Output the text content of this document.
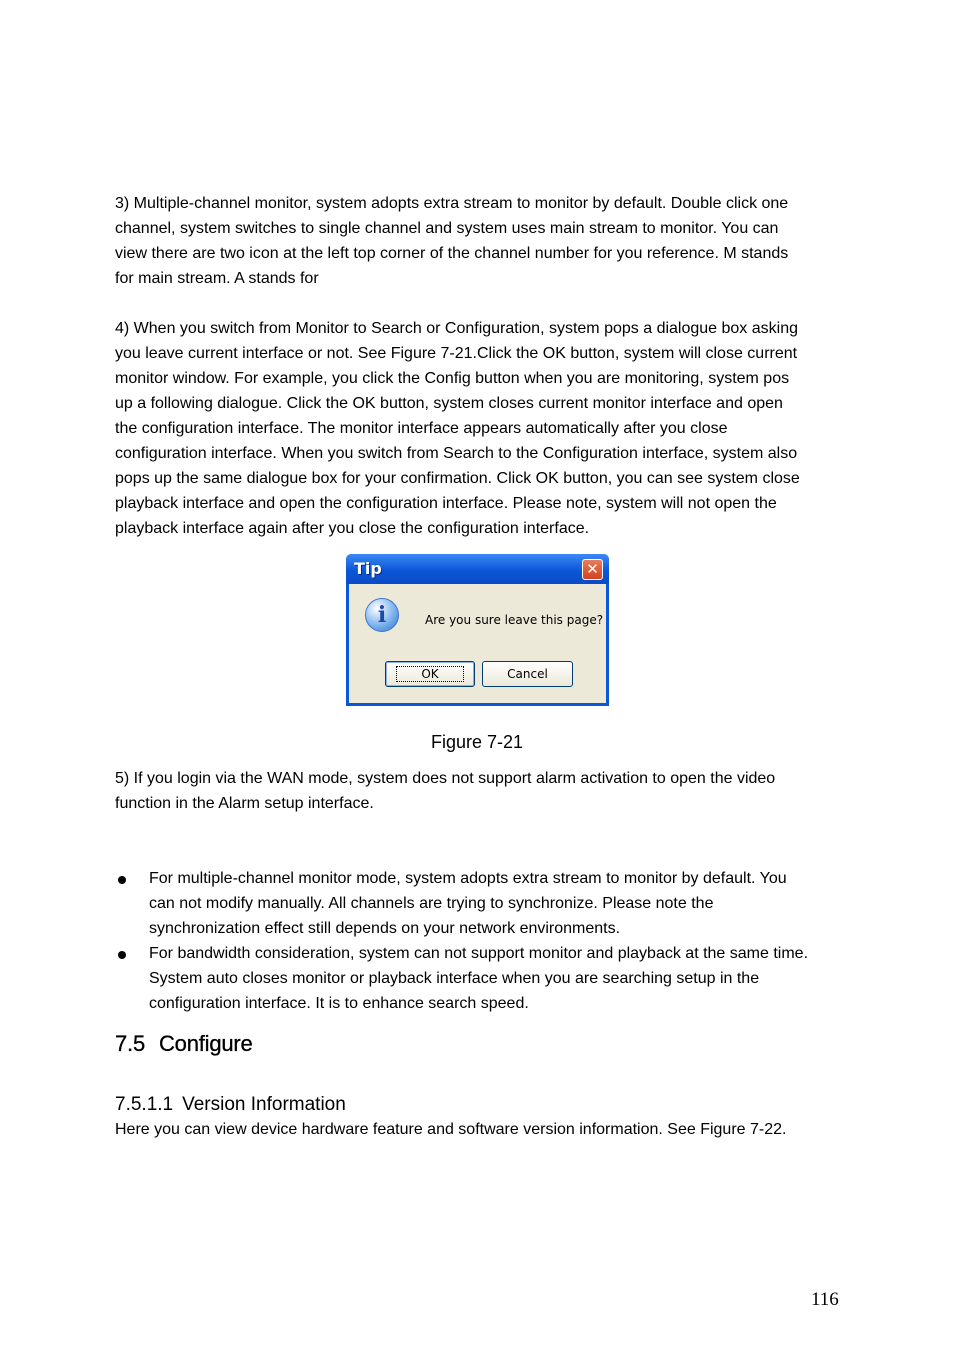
3) Multiple-channel monitor, system adopts extra stream to monitor by default. Double click one
channel, system switches to single channel and system uses main stream to monitor. You can
view there are two icon at the left top corner of the channel number for you reference. M stands
for main stream. A stands for
4) When you switch from Monitor to Search or Configuration, system pops a dialogue box asking
you leave current interface or not. See Figure 7-21.Click the OK button, system will close current
monitor window. For example, you click the Config button when you are monitoring, system pos
up a following dialogue. Click the OK button, system closes current monitor interface and open
the configuration interface. The monitor interface appears automatically after you close
configuration interface. When you switch from Search to the Configuration interface, system also
pops up the same dialogue box for your confirmation. Click OK button, you can see system close
playback interface and open the configuration interface. Please note, system will not open the
playback interface again after you close the configuration interface.
Tip	✕
i	Are you sure leave this page?
OK	Cancel
Figure 7-21
5) If you login via the WAN mode, system does not support alarm activation to open the video
function in the Alarm setup interface.
For multiple-channel monitor mode, system adopts extra stream to monitor by default. You
can not modify manually. All channels are trying to synchronize. Please note the
synchronization effect still depends on your network environments.
For bandwidth consideration, system can not support monitor and playback at the same time.
System auto closes monitor or playback interface when you are searching setup in the
configuration interface. It is to enhance search speed.
7.5 Configure
7.5.1.1 Version Information
Here you can view device hardware feature and software version information. See Figure 7-22.
116
